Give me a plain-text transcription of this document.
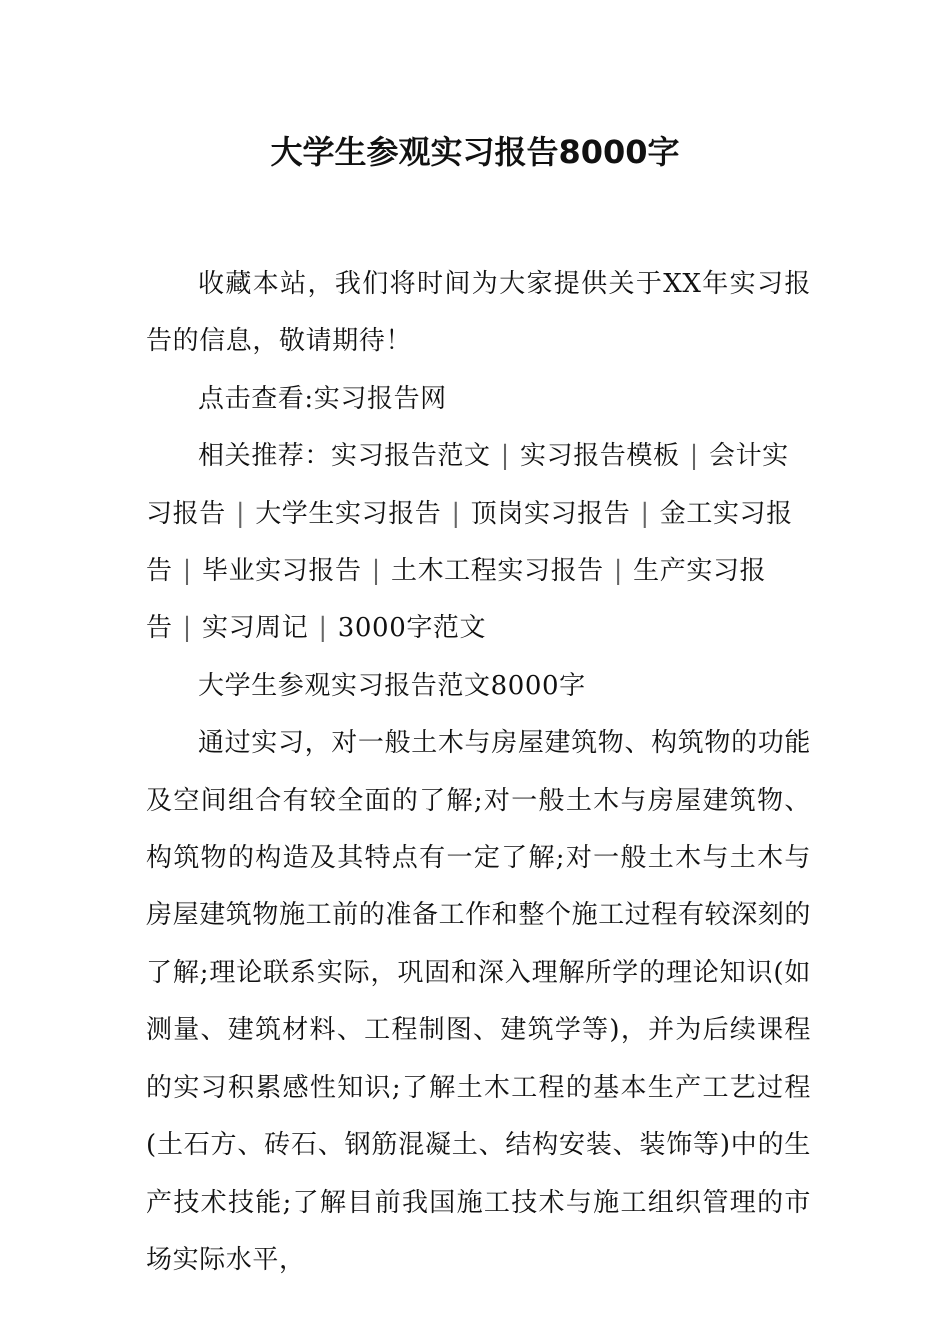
大学生参观实习报告8000字

收藏本站，我们将时间为大家提供关于XX年实习报告的信息，敬请期待！

点击查看:实习报告网

相关推荐：实习报告范文 | 实习报告模板 | 会计实习报告 | 大学生实习报告 | 顶岗实习报告 | 金工实习报告 | 毕业实习报告 | 土木工程实习报告 | 生产实习报告 | 实习周记 | 3000字范文

大学生参观实习报告范文8000字

通过实习，对一般土木与房屋建筑物、构筑物的功能及空间组合有较全面的了解;对一般土木与房屋建筑物、构筑物的构造及其特点有一定了解;对一般土木与土木与房屋建筑物施工前的准备工作和整个施工过程有较深刻的了解;理论联系实际，巩固和深入理解所学的理论知识(如测量、建筑材料、工程制图、建筑学等)，并为后续课程的实习积累感性知识;了解土木工程的基本生产工艺过程(土石方、砖石、钢筋混凝土、结构安装、装饰等)中的生产技术技能;了解目前我国施工技术与施工组织管理的市场实际水平，
